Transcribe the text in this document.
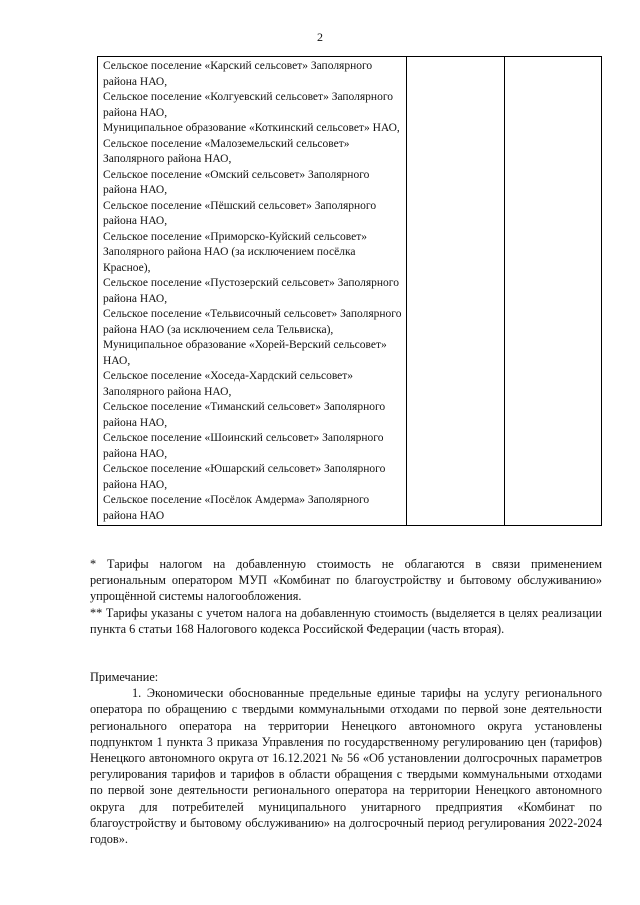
2
Сельское поселение «Карский сельсовет» Заполярного района НАО,
Сельское поселение «Колгуевский сельсовет» Заполярного района НАО,
Муниципальное образование «Коткинский сельсовет» НАО,
Сельское поселение «Малоземельский сельсовет» Заполярного района НАО,
Сельское поселение «Омский сельсовет» Заполярного района НАО,
Сельское поселение «Пёшский сельсовет» Заполярного района НАО,
Сельское поселение «Приморско-Куйский сельсовет» Заполярного района НАО (за исключением посёлка Красное),
Сельское поселение «Пустозерский сельсовет» Заполярного района НАО,
Сельское поселение «Тельвисочный сельсовет» Заполярного района НАО (за исключением села Тельвиска),
Муниципальное образование «Хорей-Верский сельсовет» НАО,
Сельское поселение «Хоседа-Хардский сельсовет» Заполярного района НАО,
Сельское поселение «Тиманский сельсовет» Заполярного района НАО,
Сельское поселение «Шоинский сельсовет» Заполярного района НАО,
Сельское поселение «Юшарский сельсовет» Заполярного района НАО,
Сельское поселение «Посёлок Амдерма» Заполярного района НАО

* Тарифы налогом на добавленную стоимость не облагаются в связи применением региональным оператором МУП «Комбинат по благоустройству и бытовому обслуживанию» упрощённой системы налогообложения.

** Тарифы указаны с учетом налога на добавленную стоимость (выделяется в целях реализации пункта 6 статьи 168 Налогового кодекса Российской Федерации (часть вторая).

Примечание:

1. Экономически обоснованные предельные единые тарифы на услугу регионального оператора по обращению с твердыми коммунальными отходами по первой зоне деятельности регионального оператора на территории Ненецкого автономного округа установлены подпунктом 1 пункта 3 приказа Управления по государственному регулированию цен (тарифов) Ненецкого автономного округа от 16.12.2021 № 56 «Об установлении долгосрочных параметров регулирования тарифов и тарифов в области обращения с твердыми коммунальными отходами по первой зоне деятельности регионального оператора на территории Ненецкого автономного округа для потребителей муниципального унитарного предприятия «Комбинат по благоустройству и бытовому обслуживанию» на долгосрочный период регулирования 2022-2024 годов».
